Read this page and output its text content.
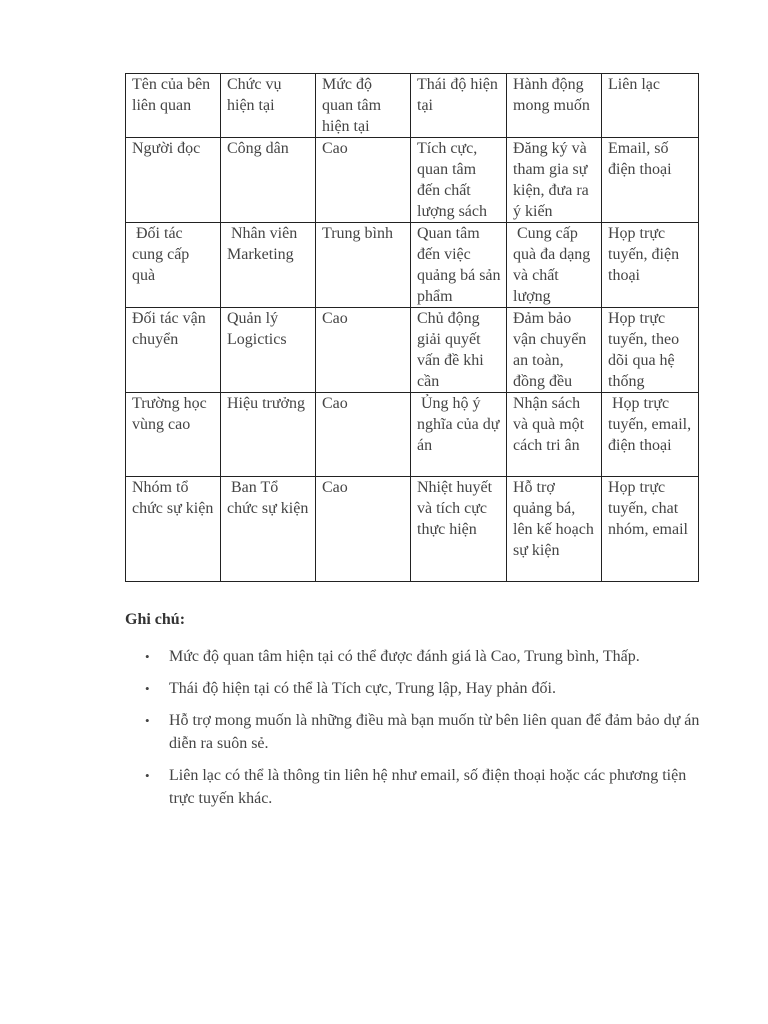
Tên của bên liên quan	Chức vụ hiện tại	Mức độ quan tâm hiện tại	Thái độ hiện tại	Hành động mong muốn	Liên lạc
Người đọc	Công dân	Cao	Tích cực, quan tâm đến chất lượng sách	Đăng ký và tham gia sự kiện, đưa ra ý kiến	Email, số điện thoại
Đối tác cung cấp quà	Nhân viên Marketing	Trung bình	Quan tâm đến việc quảng bá sản phẩm	Cung cấp quà đa dạng và chất lượng	Họp trực tuyến, điện thoại
Đối tác vận chuyển	Quản lý Logictics	Cao	Chủ động giải quyết vấn đề khi cần	Đảm bảo vận chuyển an toàn, đồng đều	Họp trực tuyến, theo dõi qua hệ thống
Trường học vùng cao	Hiệu trưởng	Cao	Ủng hộ ý nghĩa của dự án	Nhận sách và quà một cách tri ân	Họp trực tuyến, email, điện thoại
Nhóm tổ chức sự kiện	Ban Tổ chức sự kiện	Cao	Nhiệt huyết và tích cực thực hiện	Hỗ trợ quảng bá, lên kế hoạch sự kiện	Họp trực tuyến, chat nhóm, email

Ghi chú:

• Mức độ quan tâm hiện tại có thể được đánh giá là Cao, Trung bình, Thấp.
• Thái độ hiện tại có thể là Tích cực, Trung lập, Hay phản đối.
• Hỗ trợ mong muốn là những điều mà bạn muốn từ bên liên quan để đảm bảo dự án diễn ra suôn sẻ.
• Liên lạc có thể là thông tin liên hệ như email, số điện thoại hoặc các phương tiện trực tuyến khác.
